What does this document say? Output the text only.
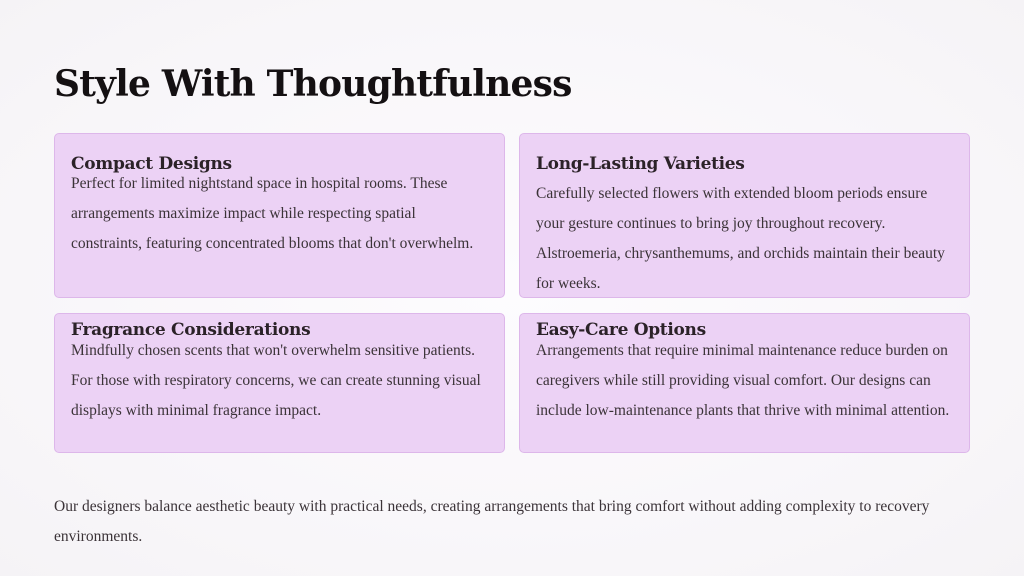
Style With Thoughtfulness
Compact Designs

Perfect for limited nightstand space in hospital rooms. These arrangements maximize impact while respecting spatial constraints, featuring concentrated blooms that don't overwhelm.

Long-Lasting Varieties

Carefully selected flowers with extended bloom periods ensure your gesture continues to bring joy throughout recovery. Alstroemeria, chrysanthemums, and orchids maintain their beauty for weeks.

Fragrance Considerations

Mindfully chosen scents that won't overwhelm sensitive patients. For those with respiratory concerns, we can create stunning visual displays with minimal fragrance impact.

Easy-Care Options

Arrangements that require minimal maintenance reduce burden on caregivers while still providing visual comfort. Our designs can include low-maintenance plants that thrive with minimal attention.

Our designers balance aesthetic beauty with practical needs, creating arrangements that bring comfort without adding complexity to recovery environments.
